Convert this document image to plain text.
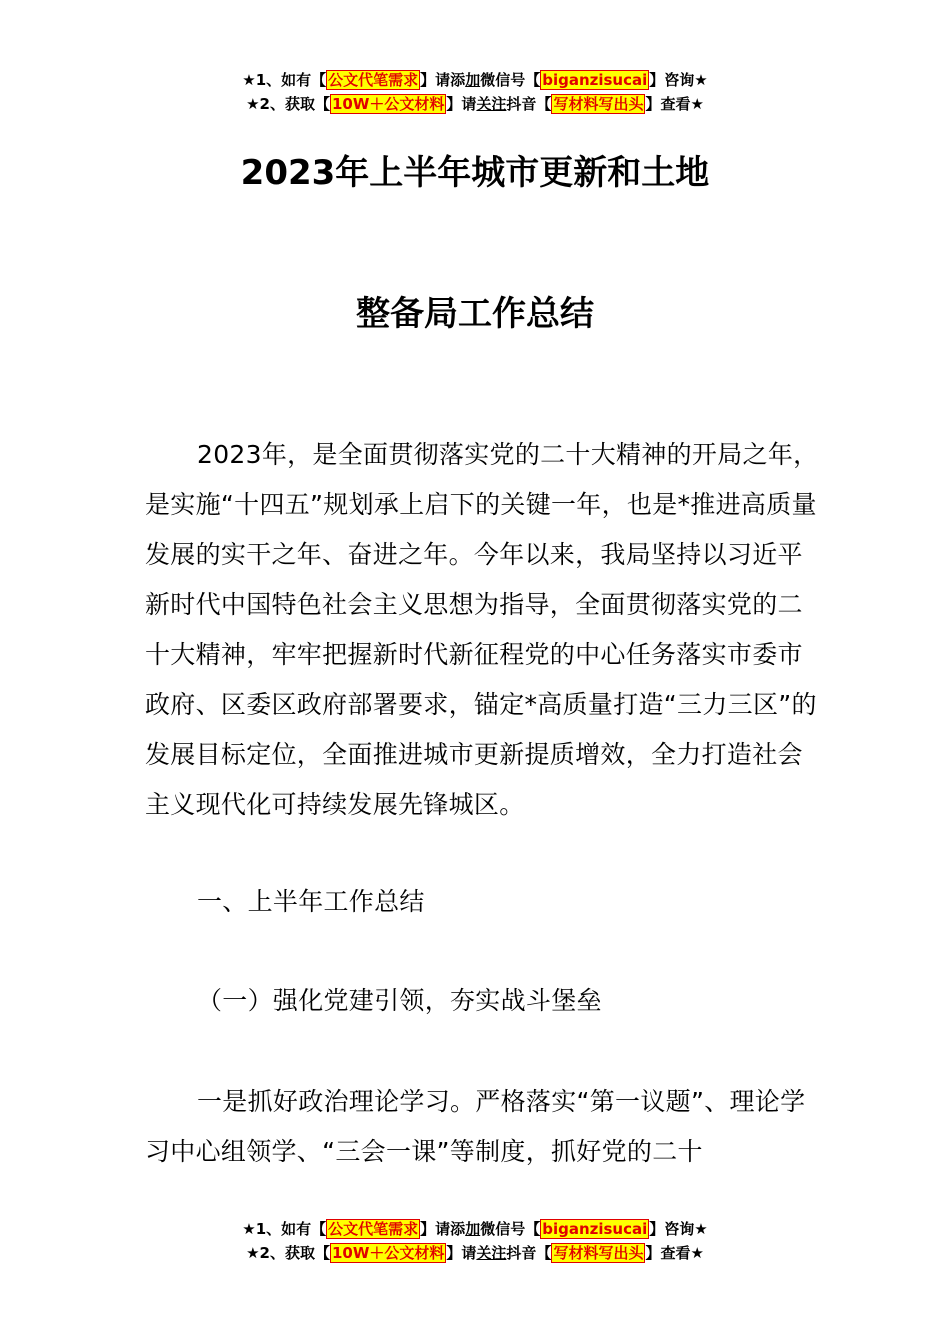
★1、如有【 公文代笔需求 】请添加微信号【 biganzisucai 】咨询★
★2、获取【 10W＋公文材料 】请关注抖音【 写材料写出头 】查看★
2023年上半年城市更新和土地
整备局工作总结
2023年，是全面贯彻落实党的二十大精神的开局之年，是实施“十四五”规划承上启下的关键一年，也是*推进高质量发展的实干之年、奋进之年。今年以来，我局坚持以习近平新时代中国特色社会主义思想为指导，全面贯彻落实党的二十大精神，牢牢把握新时代新征程党的中心任务落实市委市政府、区委区政府部署要求，锚定*高质量打造“三力三区”的发展目标定位，全面推进城市更新提质增效，全力打造社会主义现代化可持续发展先锋城区。
一、上半年工作总结
（一）强化党建引领，夯实战斗堡垒
一是抓好政治理论学习。严格落实“第一议题”、理论学习中心组领学、“三会一课”等制度，抓好党的二十
★1、如有【 公文代笔需求 】请添加微信号【 biganzisucai 】咨询★
★2、获取【 10W＋公文材料 】请关注抖音【 写材料写出头 】查看★
